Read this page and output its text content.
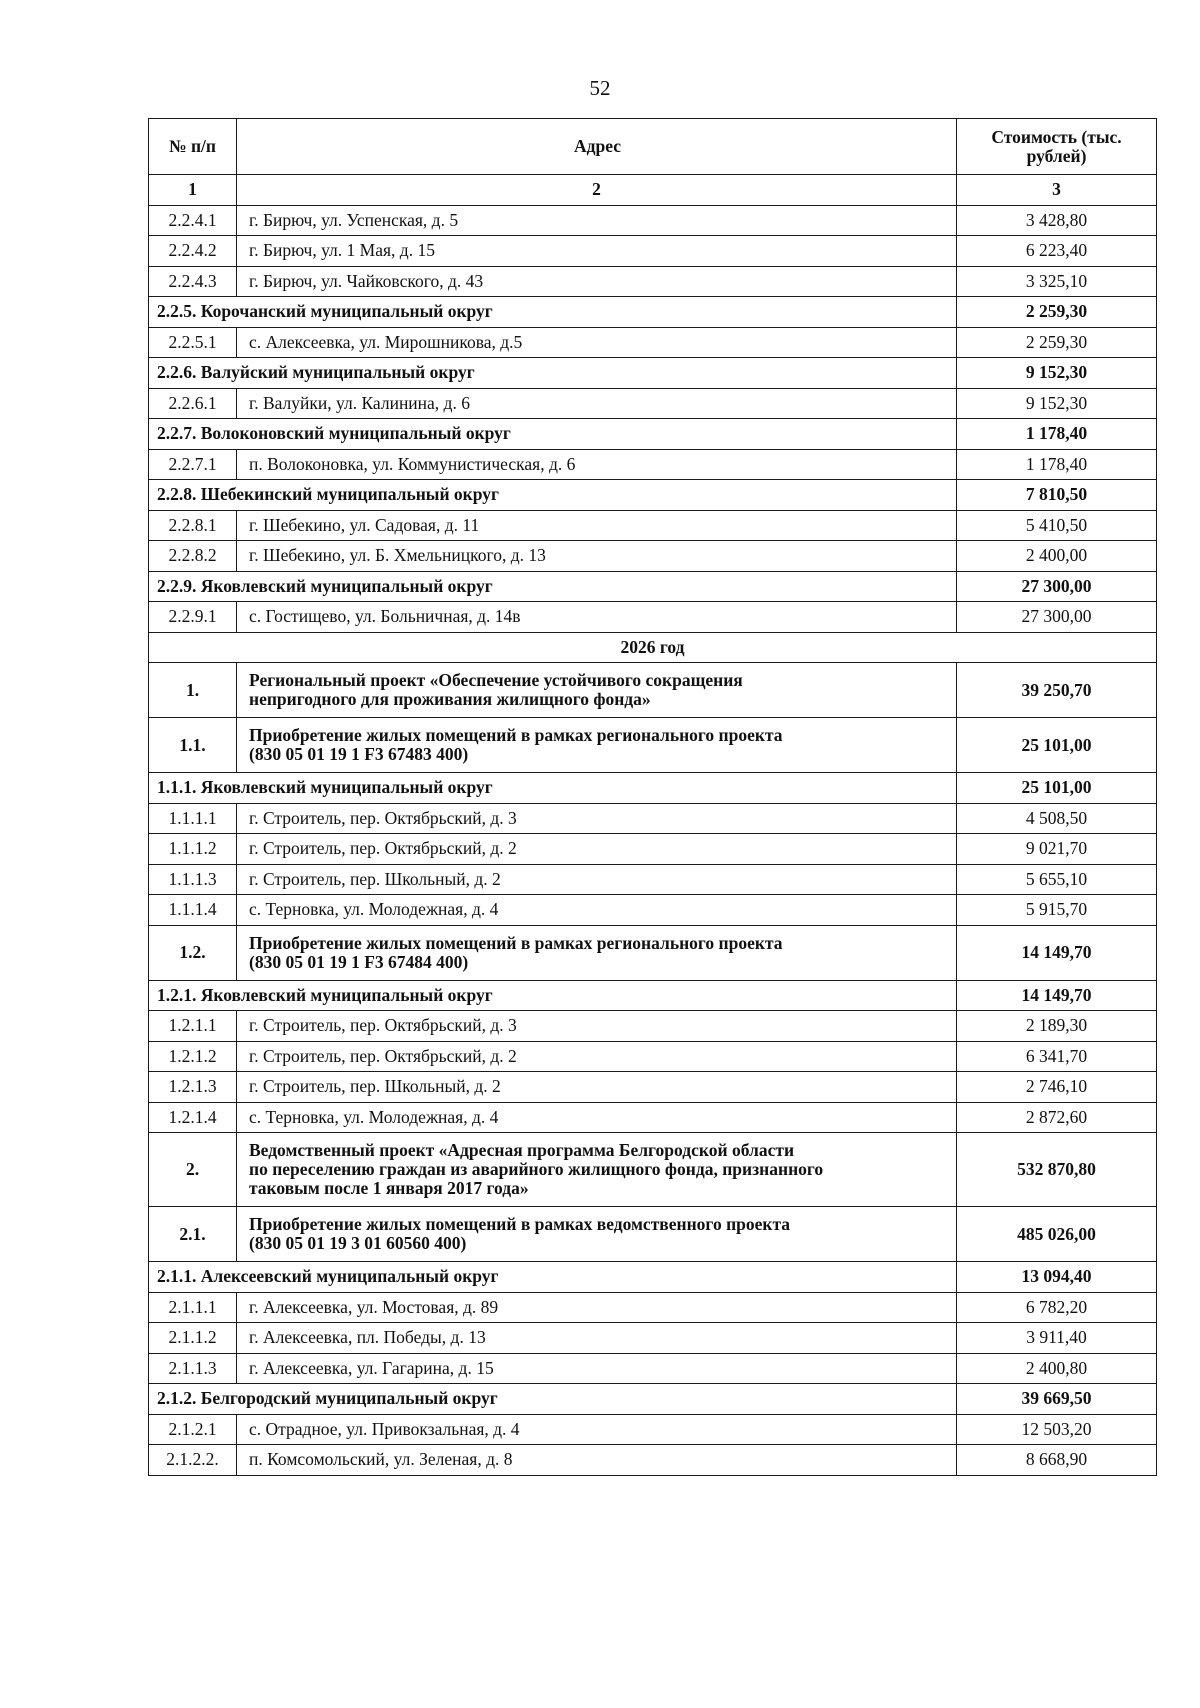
52
№ п/п	Адрес	Стоимость (тыс. рублей)
1	2	3
2.2.4.1	г. Бирюч, ул. Успенская, д. 5	3 428,80
2.2.4.2	г. Бирюч, ул. 1 Мая, д. 15	6 223,40
2.2.4.3	г. Бирюч, ул. Чайковского, д. 43	3 325,10
2.2.5. Корочанский муниципальный округ		2 259,30
2.2.5.1	с. Алексеевка, ул. Мирошникова, д.5	2 259,30
2.2.6. Валуйский муниципальный округ		9 152,30
2.2.6.1	г. Валуйки, ул. Калинина, д. 6	9 152,30
2.2.7. Волоконовский муниципальный округ		1 178,40
2.2.7.1	п. Волоконовка, ул. Коммунистическая, д. 6	1 178,40
2.2.8. Шебекинский муниципальный округ		7 810,50
2.2.8.1	г. Шебекино, ул. Садовая, д. 11	5 410,50
2.2.8.2	г. Шебекино, ул. Б. Хмельницкого, д. 13	2 400,00
2.2.9. Яковлевский муниципальный округ		27 300,00
2.2.9.1	с. Гостищево, ул. Больничная, д. 14в	27 300,00
2026 год		
1.	Региональный проект «Обеспечение устойчивого сокращения
непригодного для проживания жилищного фонда»	39 250,70
1.1.	Приобретение жилых помещений в рамках регионального проекта
(830 05 01 19 1 F3 67483 400)	25 101,00
1.1.1. Яковлевский муниципальный округ		25 101,00
1.1.1.1	г. Строитель, пер. Октябрьский, д. 3	4 508,50
1.1.1.2	г. Строитель, пер. Октябрьский, д. 2	9 021,70
1.1.1.3	г. Строитель, пер. Школьный, д. 2	5 655,10
1.1.1.4	с. Терновка, ул. Молодежная, д. 4	5 915,70
1.2.	Приобретение жилых помещений в рамках регионального проекта
(830 05 01 19 1 F3 67484 400)	14 149,70
1.2.1. Яковлевский муниципальный округ		14 149,70
1.2.1.1	г. Строитель, пер. Октябрьский, д. 3	2 189,30
1.2.1.2	г. Строитель, пер. Октябрьский, д. 2	6 341,70
1.2.1.3	г. Строитель, пер. Школьный, д. 2	2 746,10
1.2.1.4	с. Терновка, ул. Молодежная, д. 4	2 872,60
2.	Ведомственный проект «Адресная программа Белгородской области
по переселению граждан из аварийного жилищного фонда, признанного
таковым после 1 января 2017 года»	532 870,80
2.1.	Приобретение жилых помещений в рамках ведомственного проекта
(830 05 01 19 3 01 60560 400)	485 026,00
2.1.1. Алексеевский муниципальный округ		13 094,40
2.1.1.1	г. Алексеевка, ул. Мостовая, д. 89	6 782,20
2.1.1.2	г. Алексеевка, пл. Победы, д. 13	3 911,40
2.1.1.3	г. Алексеевка, ул. Гагарина, д. 15	2 400,80
2.1.2. Белгородский муниципальный округ		39 669,50
2.1.2.1	с. Отрадное, ул. Привокзальная, д. 4	12 503,20
2.1.2.2.	п. Комсомольский, ул. Зеленая, д. 8	8 668,90
